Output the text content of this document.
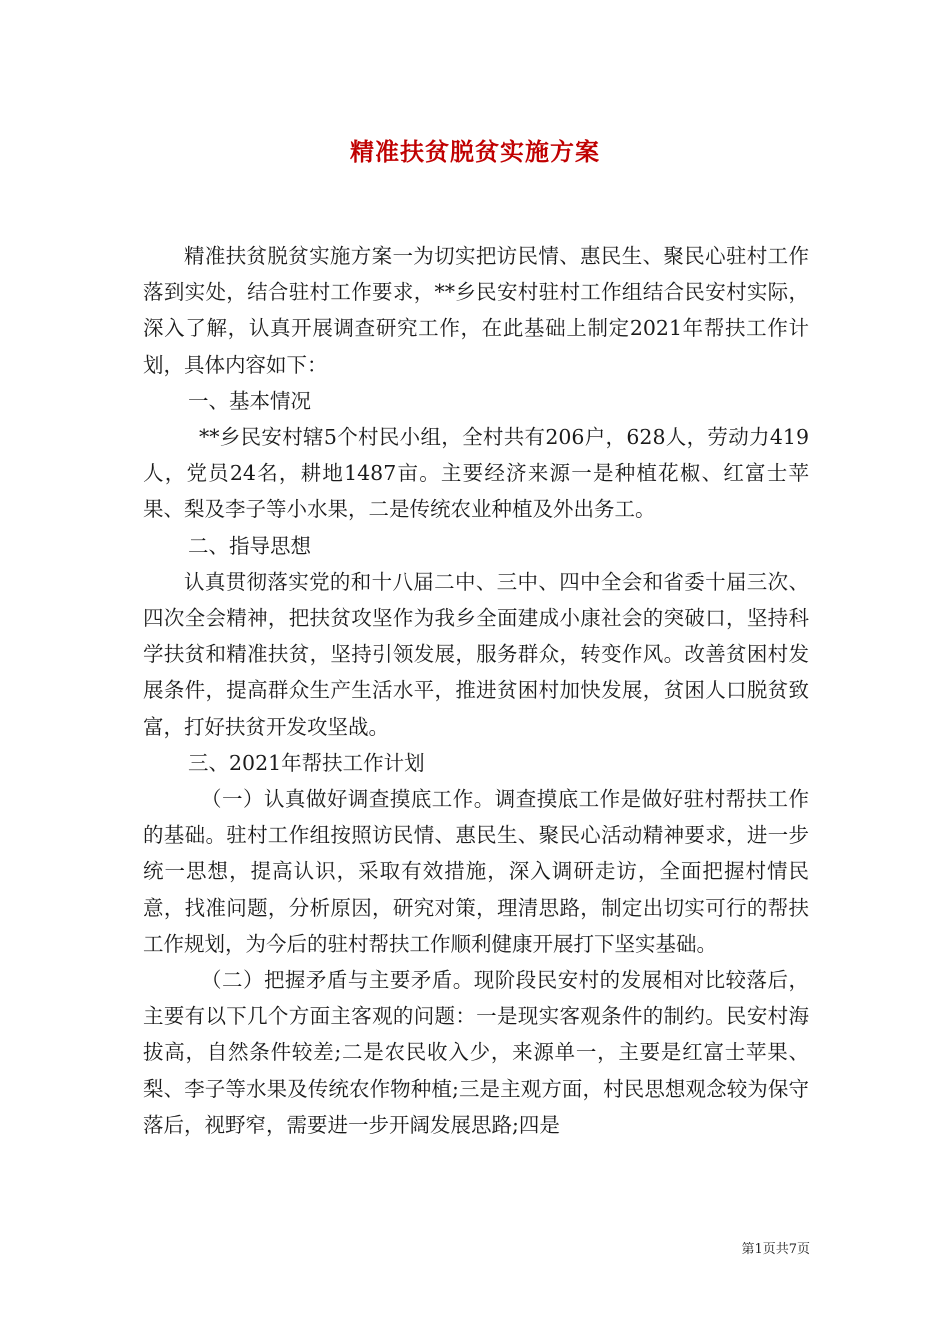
精准扶贫脱贫实施方案

精准扶贫脱贫实施方案一为切实把访民情、惠民生、聚民心驻村工作落到实处，结合驻村工作要求，**乡民安村驻村工作组结合民安村实际，深入了解，认真开展调查研究工作，在此基础上制定2021年帮扶工作计划，具体内容如下：

一、基本情况

**乡民安村辖5个村民小组，全村共有206户，628人，劳动力419人，党员24名，耕地1487亩。主要经济来源一是种植花椒、红富士苹果、梨及李子等小水果，二是传统农业种植及外出务工。

二、指导思想

认真贯彻落实党的和十八届二中、三中、四中全会和省委十届三次、四次全会精神，把扶贫攻坚作为我乡全面建成小康社会的突破口，坚持科学扶贫和精准扶贫，坚持引领发展，服务群众，转变作风。改善贫困村发展条件，提高群众生产生活水平，推进贫困村加快发展，贫困人口脱贫致富，打好扶贫开发攻坚战。

三、2021年帮扶工作计划

（一）认真做好调查摸底工作。调查摸底工作是做好驻村帮扶工作的基础。驻村工作组按照访民情、惠民生、聚民心活动精神要求，进一步统一思想，提高认识，采取有效措施，深入调研走访，全面把握村情民意，找准问题，分析原因，研究对策，理清思路，制定出切实可行的帮扶工作规划，为今后的驻村帮扶工作顺利健康开展打下坚实基础。

（二）把握矛盾与主要矛盾。现阶段民安村的发展相对比较落后，主要有以下几个方面主客观的问题：一是现实客观条件的制约。民安村海拔高，自然条件较差;二是农民收入少，来源单一，主要是红富士苹果、梨、李子等水果及传统农作物种植;三是主观方面，村民思想观念较为保守落后，视野窄，需要进一步开阔发展思路;四是

第1页共7页
